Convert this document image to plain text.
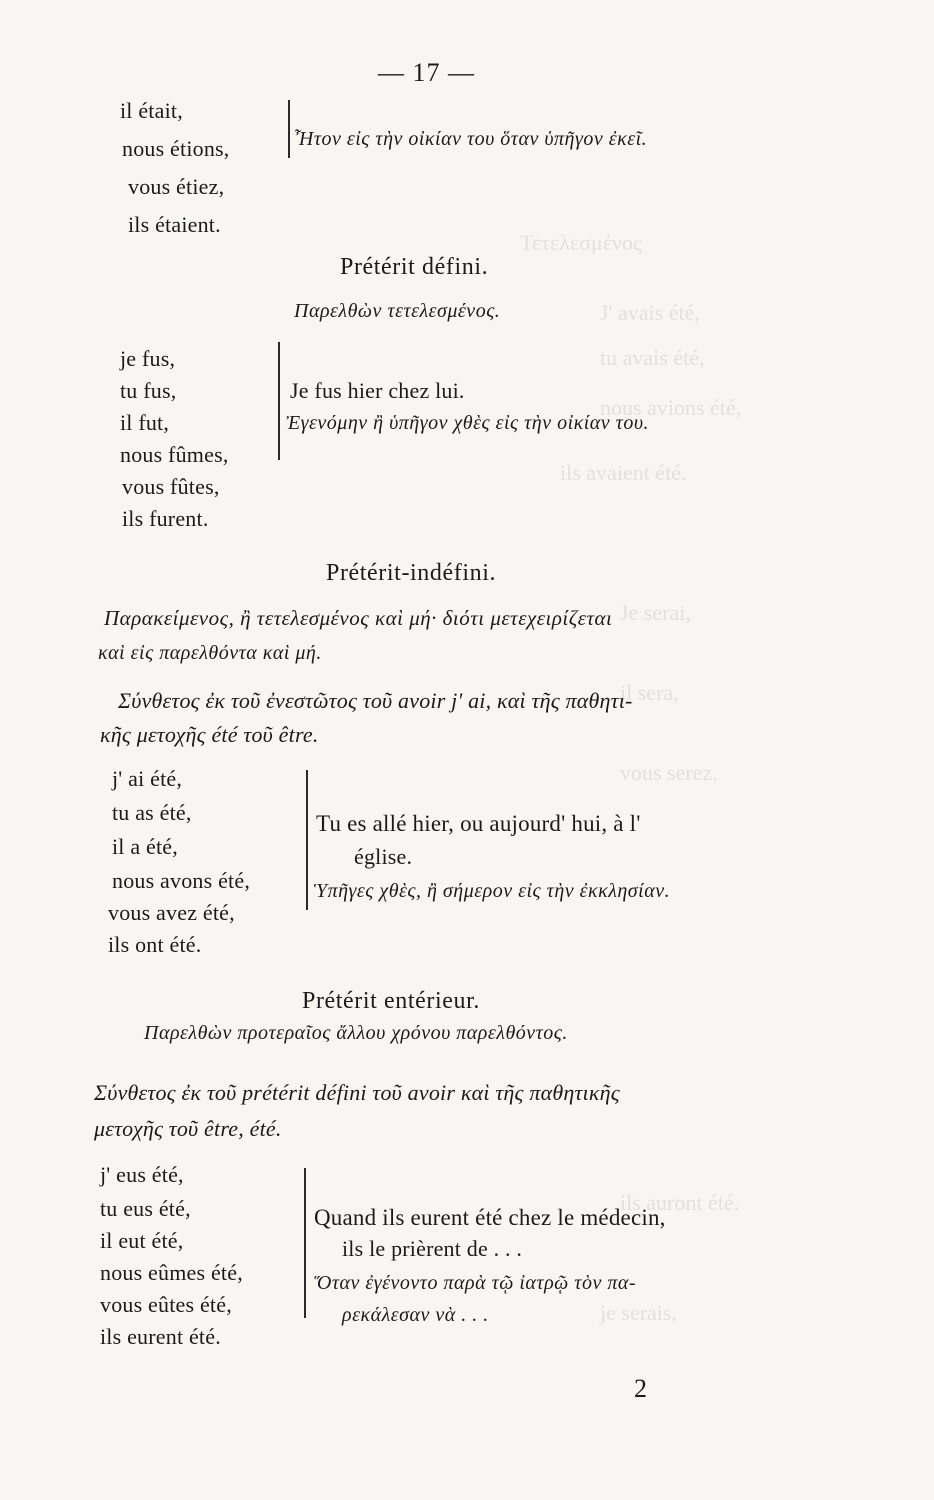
Τετελεσμένος
J' avais été,
tu avais été,
nous avions été,
ils avaient été.
Je serai,
il sera,
vous serez,
ils auront été.
je serais,
— 17 —
il était,
nous étions,
vous étiez,
ils étaient.
Ἦτον εἰς τὴν οἰκίαν του ὅταν ὑπῆγον ἐκεῖ.
Prétérit défini.
Παρελθὼν τετελεσμένος.
je fus,
tu fus,
il fut,
nous fûmes,
vous fûtes,
ils furent.
Je fus hier chez lui.
Ἐγενόμην ἢ ὑπῆγον χθὲς εἰς τὴν οἰκίαν του.
Prétérit-indéfini.
Παρακείμενος, ἢ τετελεσμένος καὶ μή· διότι μετεχειρίζεται
καὶ εἰς παρελθόντα καὶ μή.
Σύνθετος ἐκ τοῦ ἐνεστῶτος τοῦ avoir j' ai, καὶ τῆς παθητι-
κῆς μετοχῆς été τοῦ être.
j' ai été,
tu as été,
il a été,
nous avons été,
vous avez été,
ils ont été.
Tu es allé hier, ou aujourd' hui, à l'
église.
Ὑπῆγες χθὲς, ἢ σήμερον εἰς τὴν ἐκκλησίαν.
Prétérit entérieur.
Παρελθὼν προτεραῖος ἄλλου χρόνου παρελθόντος.
Σύνθετος ἐκ τοῦ prétérit défini τοῦ avoir καὶ τῆς παθητικῆς
μετοχῆς τοῦ être, été.
j' eus été,
tu eus été,
il eut été,
nous eûmes été,
vous eûtes été,
ils eurent été.
Quand ils eurent été chez le médecin,
ils le prièrent de . . .
Ὅταν ἐγένοντο παρὰ τῷ ἰατρῷ τὸν πα-
ρεκάλεσαν νὰ . . .
2
